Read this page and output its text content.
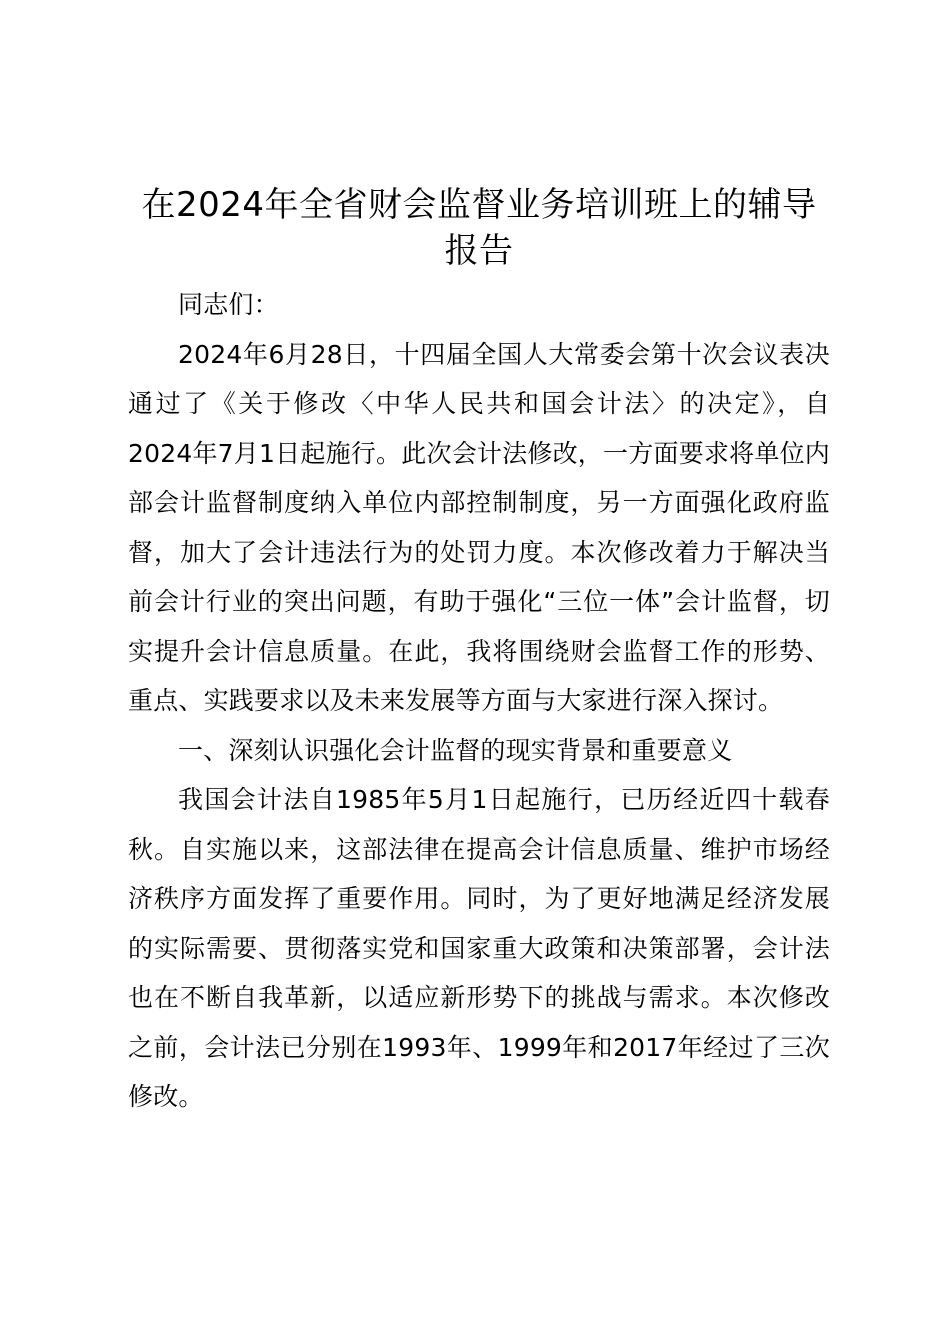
在2024年全省财会监督业务培训班上的辅导报告

同志们：

2024年6月28日，十四届全国人大常委会第十次会议表决通过了《关于修改〈中华人民共和国会计法〉的决定》，自2024年7月1日起施行。此次会计法修改，一方面要求将单位内部会计监督制度纳入单位内部控制制度，另一方面强化政府监督，加大了会计违法行为的处罚力度。本次修改着力于解决当前会计行业的突出问题，有助于强化“三位一体”会计监督，切实提升会计信息质量。在此，我将围绕财会监督工作的形势、重点、实践要求以及未来发展等方面与大家进行深入探讨。

一、深刻认识强化会计监督的现实背景和重要意义

我国会计法自1985年5月1日起施行，已历经近四十载春秋。自实施以来，这部法律在提高会计信息质量、维护市场经济秩序方面发挥了重要作用。同时，为了更好地满足经济发展的实际需要、贯彻落实党和国家重大政策和决策部署，会计法也在不断自我革新，以适应新形势下的挑战与需求。本次修改之前，会计法已分别在1993年、1999年和2017年经过了三次修改。
